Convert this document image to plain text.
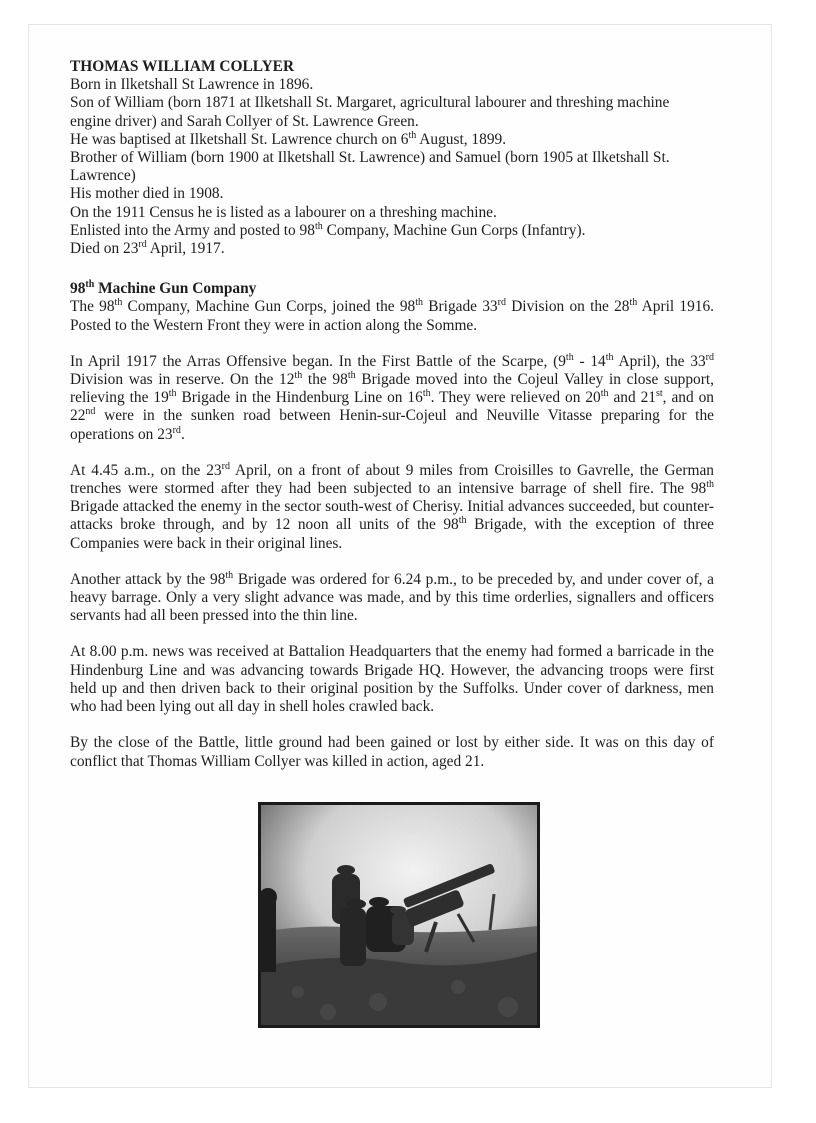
THOMAS WILLIAM COLLYER

Born in Ilketshall St Lawrence in 1896.

Son of William (born 1871 at Ilketshall St. Margaret, agricultural labourer and threshing machine engine driver) and Sarah Collyer of St. Lawrence Green.

He was baptised at Ilketshall St. Lawrence church on 6th August, 1899.

Brother of William (born 1900 at Ilketshall St. Lawrence) and Samuel (born 1905 at Ilketshall St. Lawrence)

His mother died in 1908.

On the 1911 Census he is listed as a labourer on a threshing machine.

Enlisted into the Army and posted to 98th Company, Machine Gun Corps (Infantry).

Died on 23rd April, 1917.

98th Machine Gun Company

The 98th Company, Machine Gun Corps, joined the 98th Brigade 33rd Division on the 28th April 1916. Posted to the Western Front they were in action along the Somme.

In April 1917 the Arras Offensive began. In the First Battle of the Scarpe, (9th - 14th April), the 33rd Division was in reserve. On the 12th the 98th Brigade moved into the Cojeul Valley in close support, relieving the 19th Brigade in the Hindenburg Line on 16th. They were relieved on 20th and 21st, and on 22nd were in the sunken road between Henin-sur-Cojeul and Neuville Vitasse preparing for the operations on 23rd.

At 4.45 a.m., on the 23rd April, on a front of about 9 miles from Croisilles to Gavrelle, the German trenches were stormed after they had been subjected to an intensive barrage of shell fire. The 98th Brigade attacked the enemy in the sector south-west of Cherisy. Initial advances succeeded, but counter-attacks broke through, and by 12 noon all units of the 98th Brigade, with the exception of three Companies were back in their original lines.

Another attack by the 98th Brigade was ordered for 6.24 p.m., to be preceded by, and under cover of, a heavy barrage. Only a very slight advance was made, and by this time orderlies, signallers and officers servants had all been pressed into the thin line.

At 8.00 p.m. news was received at Battalion Headquarters that the enemy had formed a barricade in the Hindenburg Line and was advancing towards Brigade HQ. However, the advancing troops were first held up and then driven back to their original position by the Suffolks. Under cover of darkness, men who had been lying out all day in shell holes crawled back.

By the close of the Battle, little ground had been gained or lost by either side. It was on this day of conflict that Thomas William Collyer was killed in action, aged 21.
